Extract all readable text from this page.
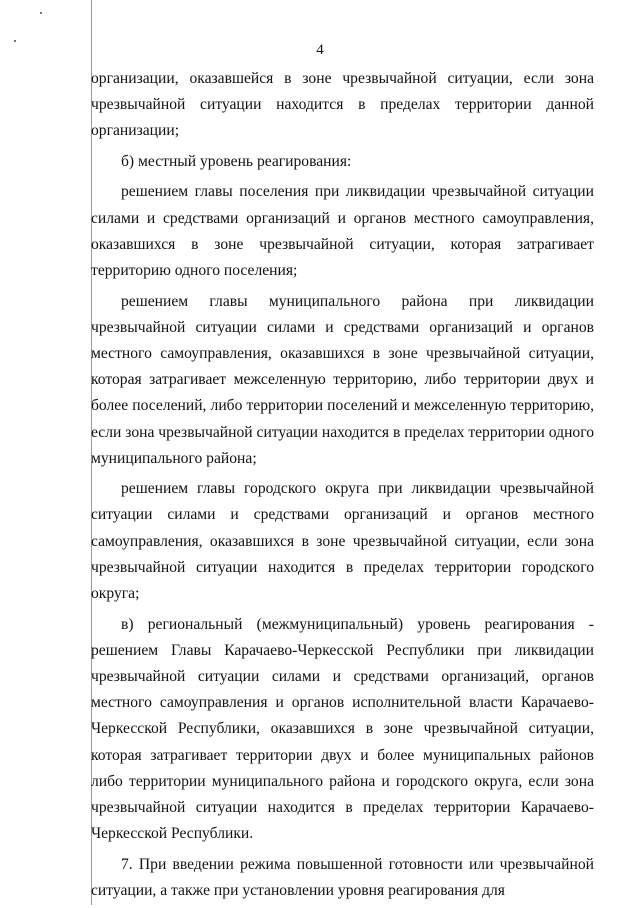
4

организации, оказавшейся в зоне чрезвычайной ситуации, если зона чрезвычайной ситуации находится в пределах территории данной организации;

б) местный уровень реагирования:

решением главы поселения при ликвидации чрезвычайной ситуации силами и средствами организаций и органов местного самоуправления, оказавшихся в зоне чрезвычайной ситуации, которая затрагивает территорию одного поселения;

решением главы муниципального района при ликвидации чрезвычайной ситуации силами и средствами организаций и органов местного самоуправления, оказавшихся в зоне чрезвычайной ситуации, которая затрагивает межселенную территорию, либо территории двух и более поселений, либо территории поселений и межселенную территорию, если зона чрезвычайной ситуации находится в пределах территории одного муниципального района;

решением главы городского округа при ликвидации чрезвычайной ситуации силами и средствами организаций и органов местного самоуправления, оказавшихся в зоне чрезвычайной ситуации, если зона чрезвычайной ситуации находится в пределах территории городского округа;

в) региональный (межмуниципальный) уровень реагирования - решением Главы Карачаево-Черкесской Республики при ликвидации чрезвычайной ситуации силами и средствами организаций, органов местного самоуправления и органов исполнительной власти Карачаево-Черкесской Республики, оказавшихся в зоне чрезвычайной ситуации, которая затрагивает территории двух и более муниципальных районов либо территории муниципального района и городского округа, если зона чрезвычайной ситуации находится в пределах территории Карачаево-Черкесской Республики.

7. При введении режима повышенной готовности или чрезвычайной ситуации, а также при установлении уровня реагирования для
